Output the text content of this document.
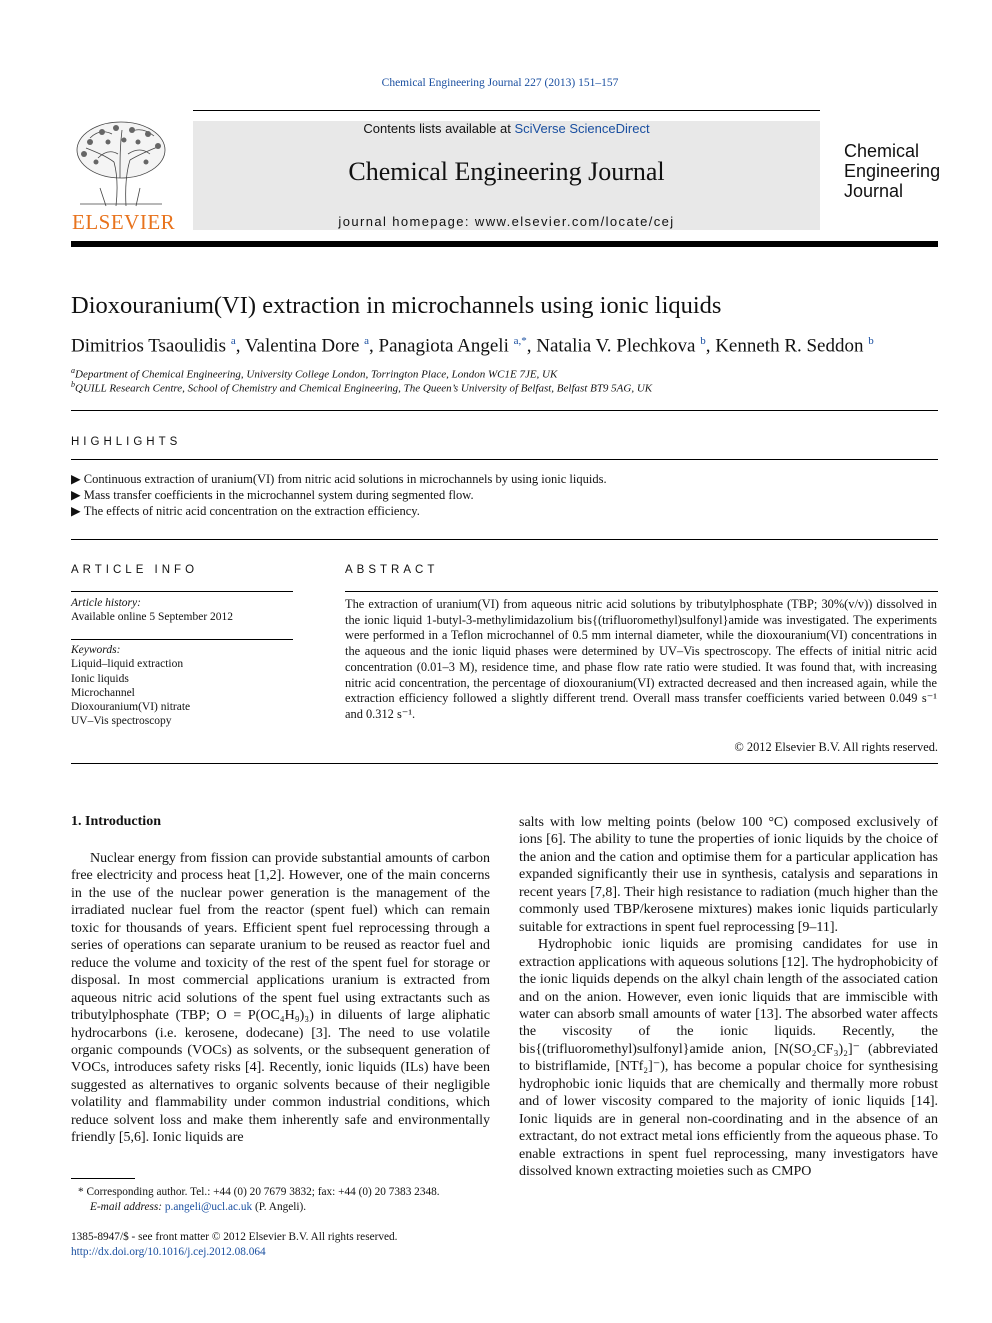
Chemical Engineering Journal 227 (2013) 151–157
ELSEVIER
Contents lists available at SciVerse ScienceDirect
Chemical Engineering Journal
journal homepage: www.elsevier.com/locate/cej
Chemical
Engineering
Journal
Dioxouranium(VI) extraction in microchannels using ionic liquids
Dimitrios Tsaoulidis $^a$, Valentina Dore $^a$, Panagiota Angeli $^{a,*}$, Natalia V. Plechkova $^b$, Kenneth R. Seddon $^b$
$^a$Department of Chemical Engineering, University College London, Torrington Place, London WC1E 7JE, UK
$^b$QUILL Research Centre, School of Chemistry and Chemical Engineering, The Queen’s University of Belfast, Belfast BT9 5AG, UK
HIGHLIGHTS
▶ Continuous extraction of uranium(VI) from nitric acid solutions in microchannels by using ionic liquids.
▶ Mass transfer coefficients in the microchannel system during segmented flow.
▶ The effects of nitric acid concentration on the extraction efficiency.
ARTICLE INFO
Article history:
Available online 5 September 2012
Keywords:
Liquid–liquid extraction
Ionic liquids
Microchannel
Dioxouranium(VI) nitrate
UV–Vis spectroscopy
ABSTRACT
The extraction of uranium(VI) from aqueous nitric acid solutions by tributylphosphate (TBP; 30%(v/v)) dissolved in the ionic liquid 1-butyl-3-methylimidazolium bis{(trifluoromethyl)sulfonyl}amide was investigated. The experiments were performed in a Teflon microchannel of 0.5 mm internal diameter, while the dioxouranium(VI) concentrations in the aqueous and the ionic liquid phases were determined by UV–Vis spectroscopy. The effects of initial nitric acid concentration (0.01–3 M), residence time, and phase flow rate ratio were studied. It was found that, with increasing nitric acid concentration, the percentage of dioxouranium(VI) extracted decreased and then increased again, while the extraction efficiency followed a slightly different trend. Overall mass transfer coefficients varied between 0.049 s⁻¹ and 0.312 s⁻¹.
© 2012 Elsevier B.V. All rights reserved.
1. Introduction

Nuclear energy from fission can provide substantial amounts of carbon free electricity and process heat [1,2]. However, one of the main concerns in the use of the nuclear power generation is the management of the irradiated nuclear fuel from the reactor (spent fuel) which can remain toxic for thousands of years. Efficient spent fuel reprocessing through a series of operations can separate uranium to be reused as reactor fuel and reduce the volume and toxicity of the rest of the spent fuel for storage or disposal. In most commercial applications uranium is extracted from aqueous nitric acid solutions of the spent fuel using extractants such as tributylphosphate (TBP; O = P(OC₄H₉)₃) in diluents of large aliphatic hydrocarbons (i.e. kerosene, dodecane) [3]. The need to use volatile organic compounds (VOCs) as solvents, or the subsequent generation of VOCs, introduces safety risks [4]. Recently, ionic liquids (ILs) have been suggested as alternatives to organic solvents because of their negligible volatility and flammability under common industrial conditions, which reduce solvent loss and make them inherently safe and environmentally friendly [5,6]. Ionic liquids are

salts with low melting points (below 100 °C) composed exclusively of ions [6]. The ability to tune the properties of ionic liquids by the choice of the anion and the cation and optimise them for a particular application has expanded significantly their use in synthesis, catalysis and separations in recent years [7,8]. Their high resistance to radiation (much higher than the commonly used TBP/kerosene mixtures) makes ionic liquids particularly suitable for extractions in spent fuel reprocessing [9–11].

Hydrophobic ionic liquids are promising candidates for use in extraction applications with aqueous solutions [12]. The hydrophobicity of the ionic liquids depends on the alkyl chain length of the associated cation and on the anion. However, even ionic liquids that are immiscible with water can absorb small amounts of water [13]. The absorbed water affects the viscosity of the ionic liquids. Recently, the bis{(trifluoromethyl)sulfonyl}amide anion, [N(SO₂CF₃)₂]⁻ (abbreviated to bistriflamide, [NTf₂]⁻), has become a popular choice for synthesising hydrophobic ionic liquids that are chemically and thermally more robust and of lower viscosity compared to the majority of ionic liquids [14]. Ionic liquids are in general non-coordinating and in the absence of an extractant, do not extract metal ions efficiently from the aqueous phase. To enable extractions in spent fuel reprocessing, many investigators have dissolved known extracting moieties such as CMPO

* Corresponding author. Tel.: +44 (0) 20 7679 3832; fax: +44 (0) 20 7383 2348.
E-mail address: p.angeli@ucl.ac.uk (P. Angeli).
1385-8947/$ - see front matter © 2012 Elsevier B.V. All rights reserved.
http://dx.doi.org/10.1016/j.cej.2012.08.064
